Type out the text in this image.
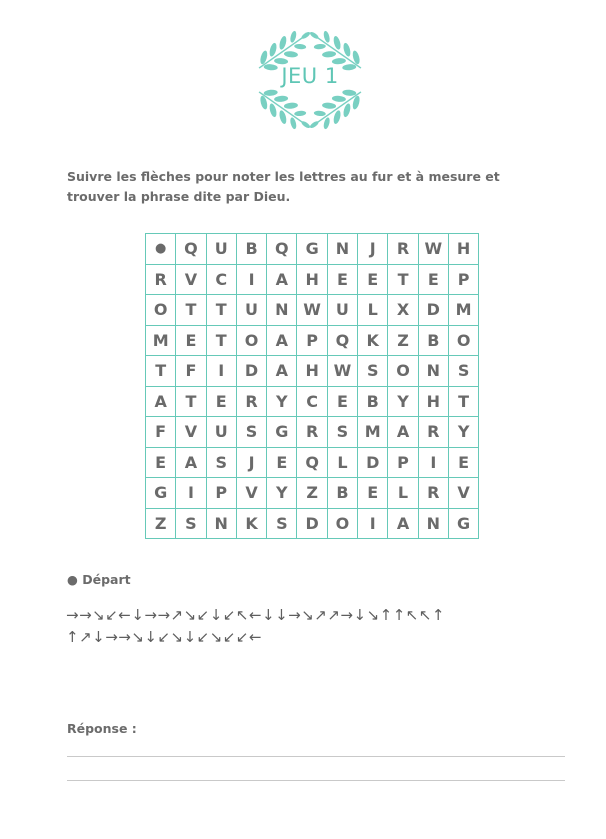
JEU 1
Suivre les flèches pour noter les lettres au fur et à mesure et trouver la phrase dite par Dieu.
●	Q	U	B	Q	G	N	J	R	W	H
R	V	C	I	A	H	E	E	T	E	P
O	T	T	U	N	W	U	L	X	D	M
M	E	T	O	A	P	Q	K	Z	B	O
T	F	I	D	A	H	W	S	O	N	S
A	T	E	R	Y	C	E	B	Y	H	T
F	V	U	S	G	R	S	M	A	R	Y
E	A	S	J	E	Q	L	D	P	I	E
G	I	P	V	Y	Z	B	E	L	R	V
Z	S	N	K	S	D	O	I	A	N	G
● Départ
→→↘↙←↓→→↗↘↙↓↙↖←↓↓→↘↗↗→↓↘↑↑↖↖↑
↑↗↓→→↘↓↙↘↓↙↘↙↙←
Réponse :
